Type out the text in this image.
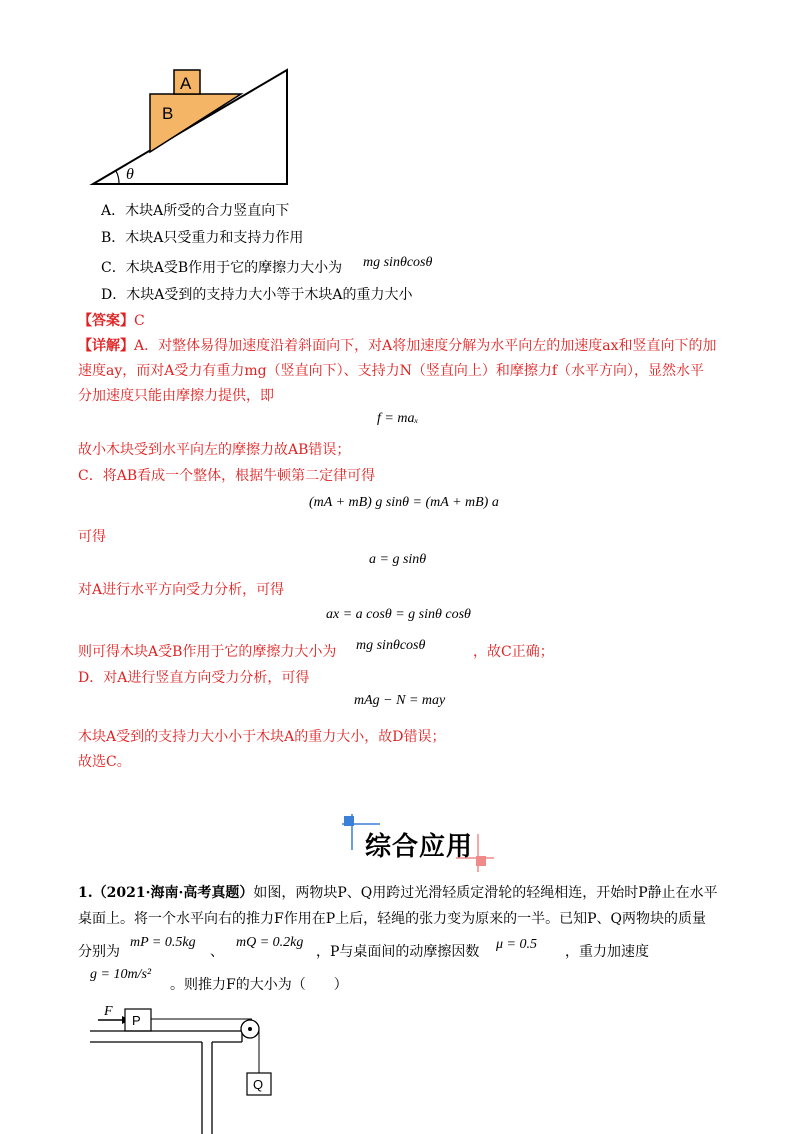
A
B
θ
A．木块A所受的合力竖直向下
B．木块A只受重力和支持力作用
C．木块A受B作用于它的摩擦力大小为 mg sinθcosθ
D．木块A受到的支持力大小等于木块A的重力大小
【答案】C
【详解】A．对整体易得加速度沿着斜面向下，对A将加速度分解为水平向左的加速度ax和竖直向下的加
速度ay，而对A受力有重力mg（竖直向下）、支持力N（竖直向上）和摩擦力f（水平方向），显然水平
分加速度只能由摩擦力提供，即
f = maₓ
故小木块受到水平向左的摩擦力故AB错误；
C．将AB看成一个整体，根据牛顿第二定律可得
(mA + mB) g sinθ = (mA + mB) a
可得
a = g sinθ
对A进行水平方向受力分析，可得
ax = a cosθ = g sinθ cosθ
则可得木块A受B作用于它的摩擦力大小为 mg sinθcosθ	，故C正确；
D．对A进行竖直方向受力分析，可得
mAg − N = may
木块A受到的支持力大小小于木块A的重力大小，故D错误；
故选C。
综合应用
1.（2021·海南·高考真题）如图，两物块P、Q用跨过光滑轻质定滑轮的轻绳相连，开始时P静止在水平
桌面上。将一个水平向右的推力F作用在P上后，轻绳的张力变为原来的一半。已知P、Q两物块的质量
分别为
mP = 0.5kg
、
mQ = 0.2kg
，P与桌面间的动摩擦因数 μ = 0.5 ，重力加速度
g = 10m/s²
。则推力F的大小为（　　）
F
P
Q
